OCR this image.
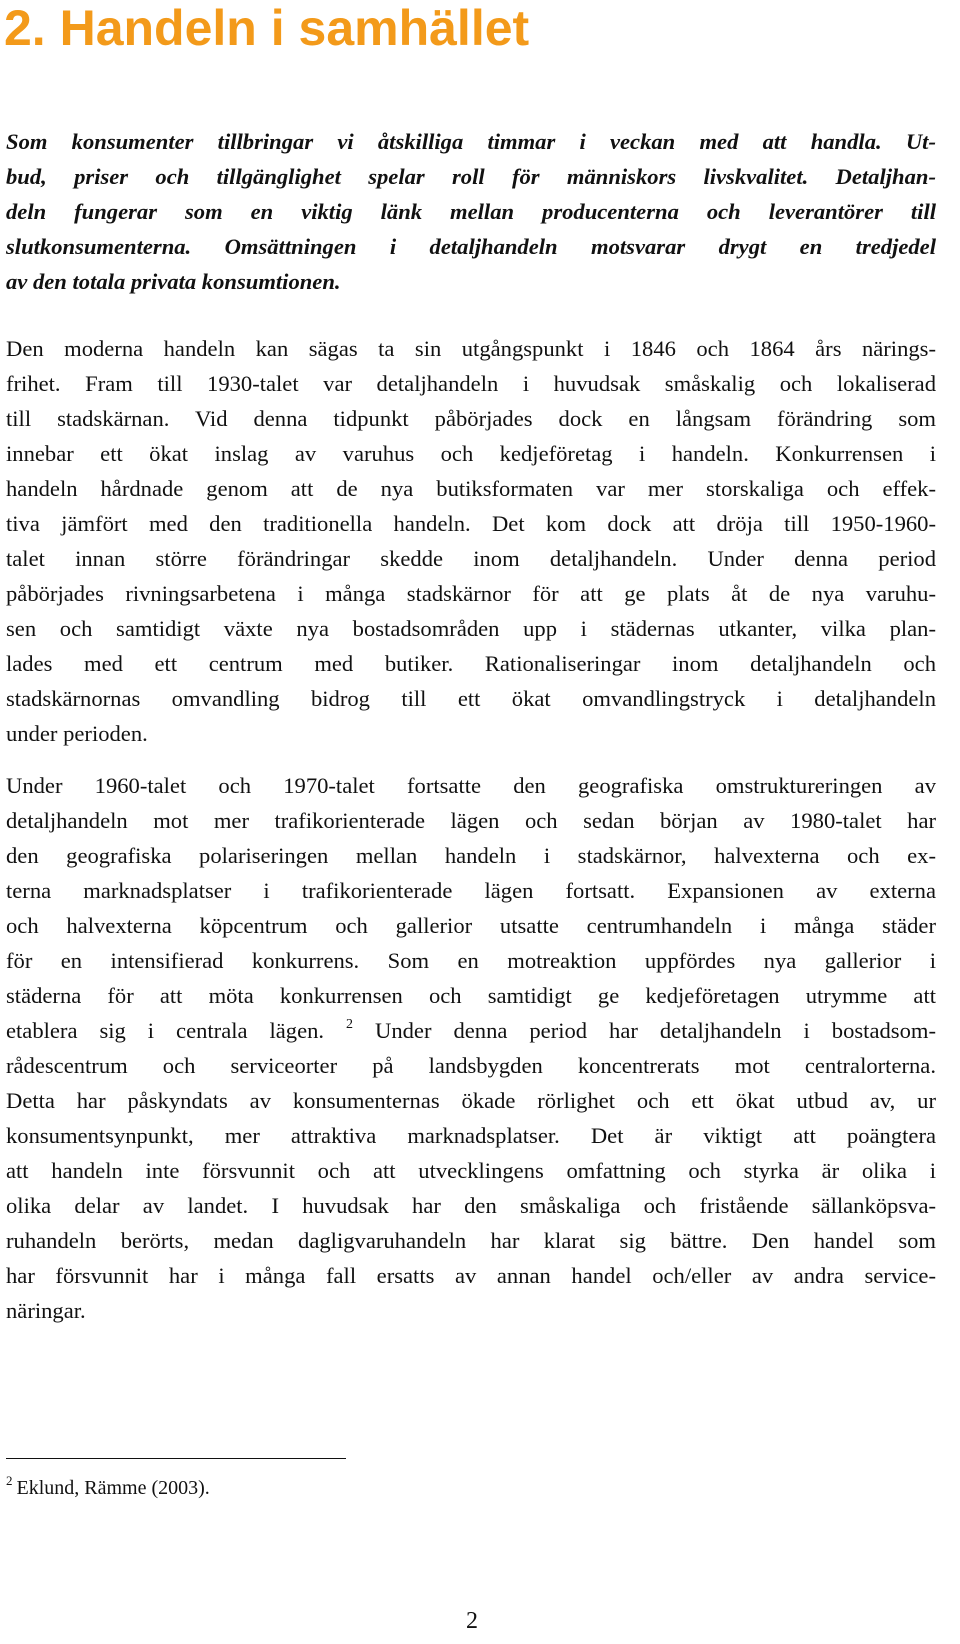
2. Handeln i samhället
Som konsumenter tillbringar vi åtskilliga timmar i veckan med att handla. Ut-
bud, priser och tillgänglighet spelar roll för människors livskvalitet. Detaljhan-
deln fungerar som en viktig länk mellan producenterna och leverantörer till
slutkonsumenterna. Omsättningen i detaljhandeln motsvarar drygt en tredjedel
av den totala privata konsumtionen.
Den moderna handeln kan sägas ta sin utgångspunkt i 1846 och 1864 års närings-
frihet. Fram till 1930-talet var detaljhandeln i huvudsak småskalig och lokaliserad
till stadskärnan. Vid denna tidpunkt påbörjades dock en långsam förändring som
innebar ett ökat inslag av varuhus och kedjeföretag i handeln. Konkurrensen i
handeln hårdnade genom att de nya butiksformaten var mer storskaliga och effek-
tiva jämfört med den traditionella handeln. Det kom dock att dröja till 1950-1960-
talet innan större förändringar skedde inom detaljhandeln. Under denna period
påbörjades rivningsarbetena i många stadskärnor för att ge plats åt de nya varuhu-
sen och samtidigt växte nya bostadsområden upp i städernas utkanter, vilka plan-
lades med ett centrum med butiker. Rationaliseringar inom detaljhandeln och
stadskärnornas omvandling bidrog till ett ökat omvandlingstryck i detaljhandeln
under perioden.
Under 1960-talet och 1970-talet fortsatte den geografiska omstruktureringen av
detaljhandeln mot mer trafikorienterade lägen och sedan början av 1980-talet har
den geografiska polariseringen mellan handeln i stadskärnor, halvexterna och ex-
terna marknadsplatser i trafikorienterade lägen fortsatt. Expansionen av externa
och halvexterna köpcentrum och gallerior utsatte centrumhandeln i många städer
för en intensifierad konkurrens. Som en motreaktion uppfördes nya gallerior i
städerna för att möta konkurrensen och samtidigt ge kedjeföretagen utrymme att
etablera sig i centrala lägen. $^2$ Under denna period har detaljhandeln i bostadsom-
rådescentrum och serviceorter på landsbygden koncentrerats mot centralorterna.
Detta har påskyndats av konsumenternas ökade rörlighet och ett ökat utbud av, ur
konsumentsynpunkt, mer attraktiva marknadsplatser. Det är viktigt att poängtera
att handeln inte försvunnit och att utvecklingens omfattning och styrka är olika i
olika delar av landet. I huvudsak har den småskaliga och fristående sällanköpsva-
ruhandeln berörts, medan dagligvaruhandeln har klarat sig bättre. Den handel som
har försvunnit har i många fall ersatts av annan handel och/eller av andra service-
näringar.
$^2$ Eklund, Rämme (2003).
2
